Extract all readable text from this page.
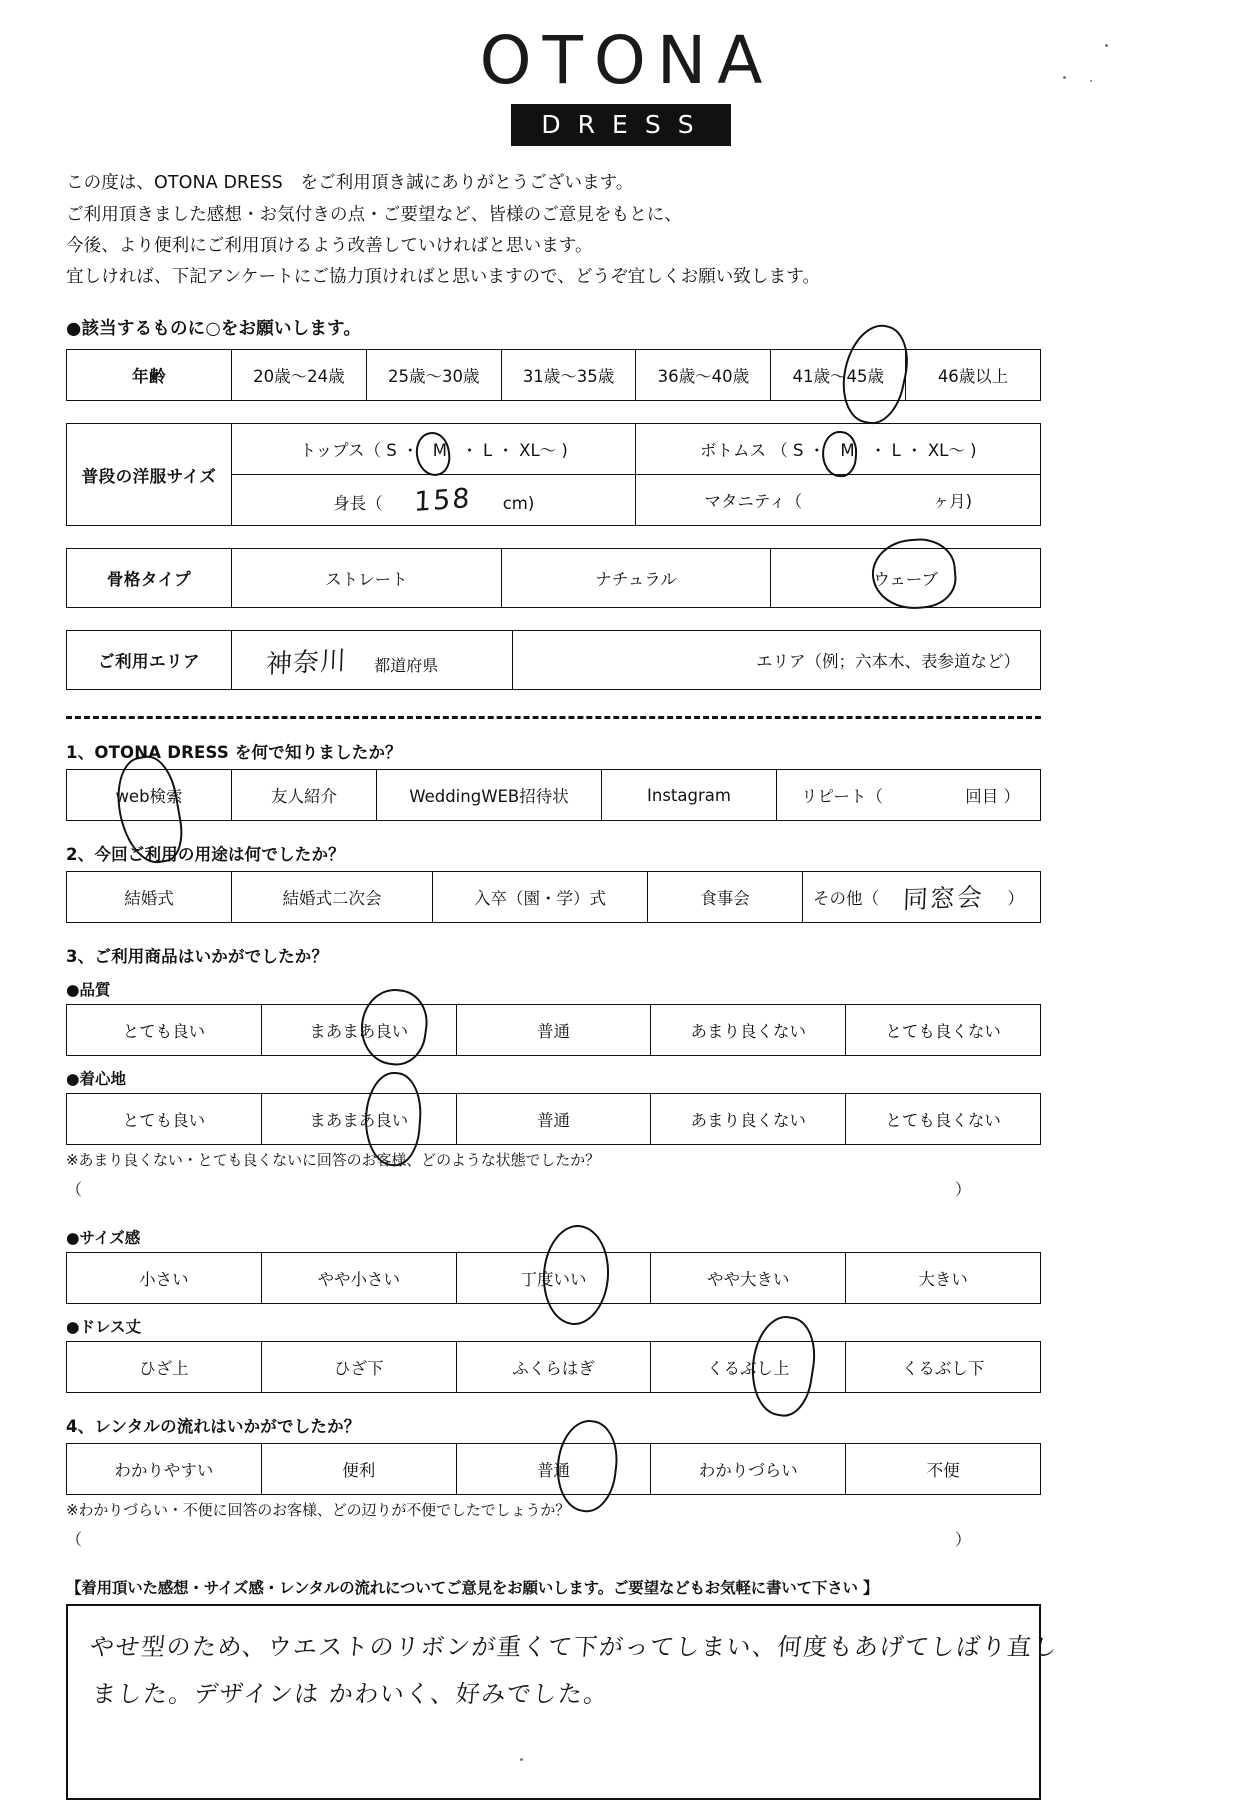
OTONA
DRESS
この度は、OTONA DRESS　をご利用頂き誠にありがとうございます。
ご利用頂きました感想・お気付きの点・ご要望など、皆様のご意見をもとに、
今後、より便利にご利用頂けるよう改善していければと思います。
宜しければ、下記アンケートにご協力頂ければと思いますので、どうぞ宜しくお願い致します。
●該当するものに○をお願いします。
年齢	20歳～24歳	25歳～30歳	31歳～35歳	36歳～40歳	41歳～45歳	46歳以上
普段の洋服サイズ	トップス（ S ・ M ・ L ・ XL～ )	ボトムス （ S ・ M ・ L ・ XL～ )
	身長（ 158 cm)	マタニティ（ ヶ月)
骨格タイプ	ストレート	ナチュラル	ウェーブ
ご利用エリア	神奈川 都道府県	エリア（例；六本木、表参道など）
1、OTONA DRESS を何で知りましたか？
web検索	友人紹介	WeddingWEB招待状	Instagram	リピート（	回目 ）
2、今回ご利用の用途は何でしたか？
結婚式	結婚式二次会	入卒（園・学）式	食事会	その他（ 同窓会 ）
3、ご利用商品はいかがでしたか？
●品質
とても良い	まあまあ良い	普通	あまり良くない	とても良くない
●着心地
とても良い	まあまあ良い	普通	あまり良くない	とても良くない
※あまり良くない・とても良くないに回答のお客様、どのような状態でしたか？
（	）
●サイズ感
小さい	やや小さい	丁度いい	やや大きい	大きい
●ドレス丈
ひざ上	ひざ下	ふくらはぎ	くるぶし上	くるぶし下
4、レンタルの流れはいかがでしたか？
わかりやすい	便利	普通	わかりづらい	不便
※わかりづらい・不便に回答のお客様、どの辺りが不便でしたでしょうか？
（	）
【着用頂いた感想・サイズ感・レンタルの流れについてご意見をお願いします。ご要望などもお気軽に書いて下さい 】
やせ型のため、ウエストのリボンが重くて下がってしまい、何度もあげてしばり直し
ました。デザインは かわいく、好みでした。
